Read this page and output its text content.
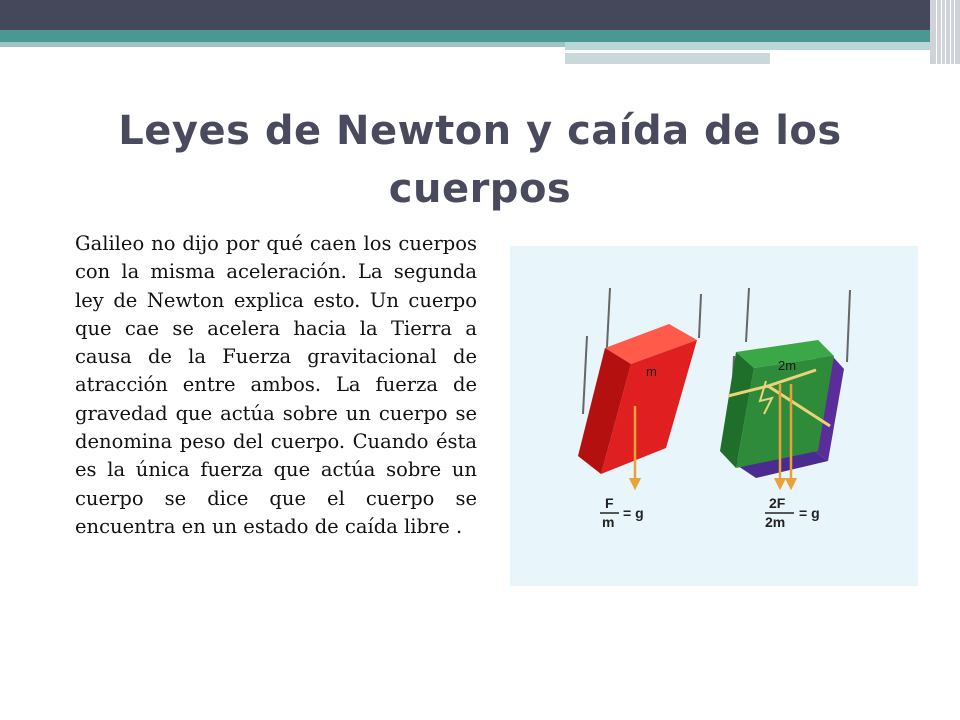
Leyes de Newton y caída de los cuerpos

Galileo no dijo por qué caen los cuerpos con la misma aceleración. La segunda ley de Newton explica esto. Un cuerpo que cae se acelera hacia la Tierra a causa de la Fuerza gravitacional de atracción entre ambos. La fuerza de gravedad que actúa sobre un cuerpo se denomina peso del cuerpo. Cuando ésta es la única fuerza que actúa sobre un cuerpo se dice que el cuerpo se encuentra en un estado de caída libre .

m	2m
F
m
= g
2F
2m
= g
